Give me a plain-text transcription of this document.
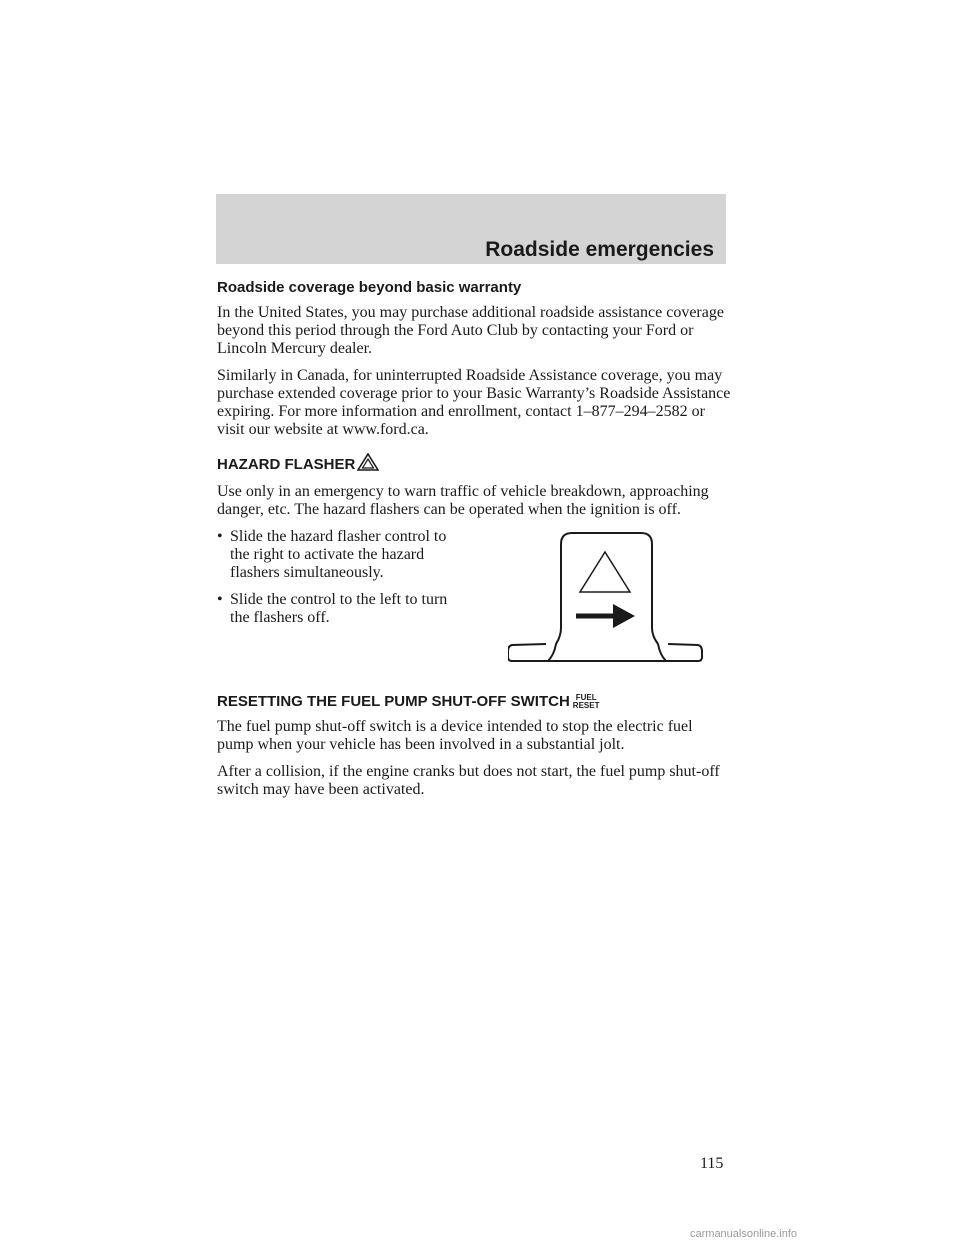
Roadside emergencies
Roadside coverage beyond basic warranty

In the United States, you may purchase additional roadside assistance coverage beyond this period through the Ford Auto Club by contacting your Ford or Lincoln Mercury dealer.

Similarly in Canada, for uninterrupted Roadside Assistance coverage, you may purchase extended coverage prior to your Basic Warranty’s Roadside Assistance expiring. For more information and enrollment, contact 1–877–294–2582 or visit our website at www.ford.ca.

HAZARD FLASHER

Use only in an emergency to warn traffic of vehicle breakdown, approaching danger, etc. The hazard flashers can be operated when the ignition is off.

• Slide the hazard flasher control to the right to activate the hazard flashers simultaneously.
• Slide the control to the left to turn the flashers off.
RESETTING THE FUEL PUMP SHUT-OFF SWITCH FUEL
RESET

The fuel pump shut-off switch is a device intended to stop the electric fuel pump when your vehicle has been involved in a substantial jolt.

After a collision, if the engine cranks but does not start, the fuel pump shut-off switch may have been activated.

115
carmanualsonline.info
